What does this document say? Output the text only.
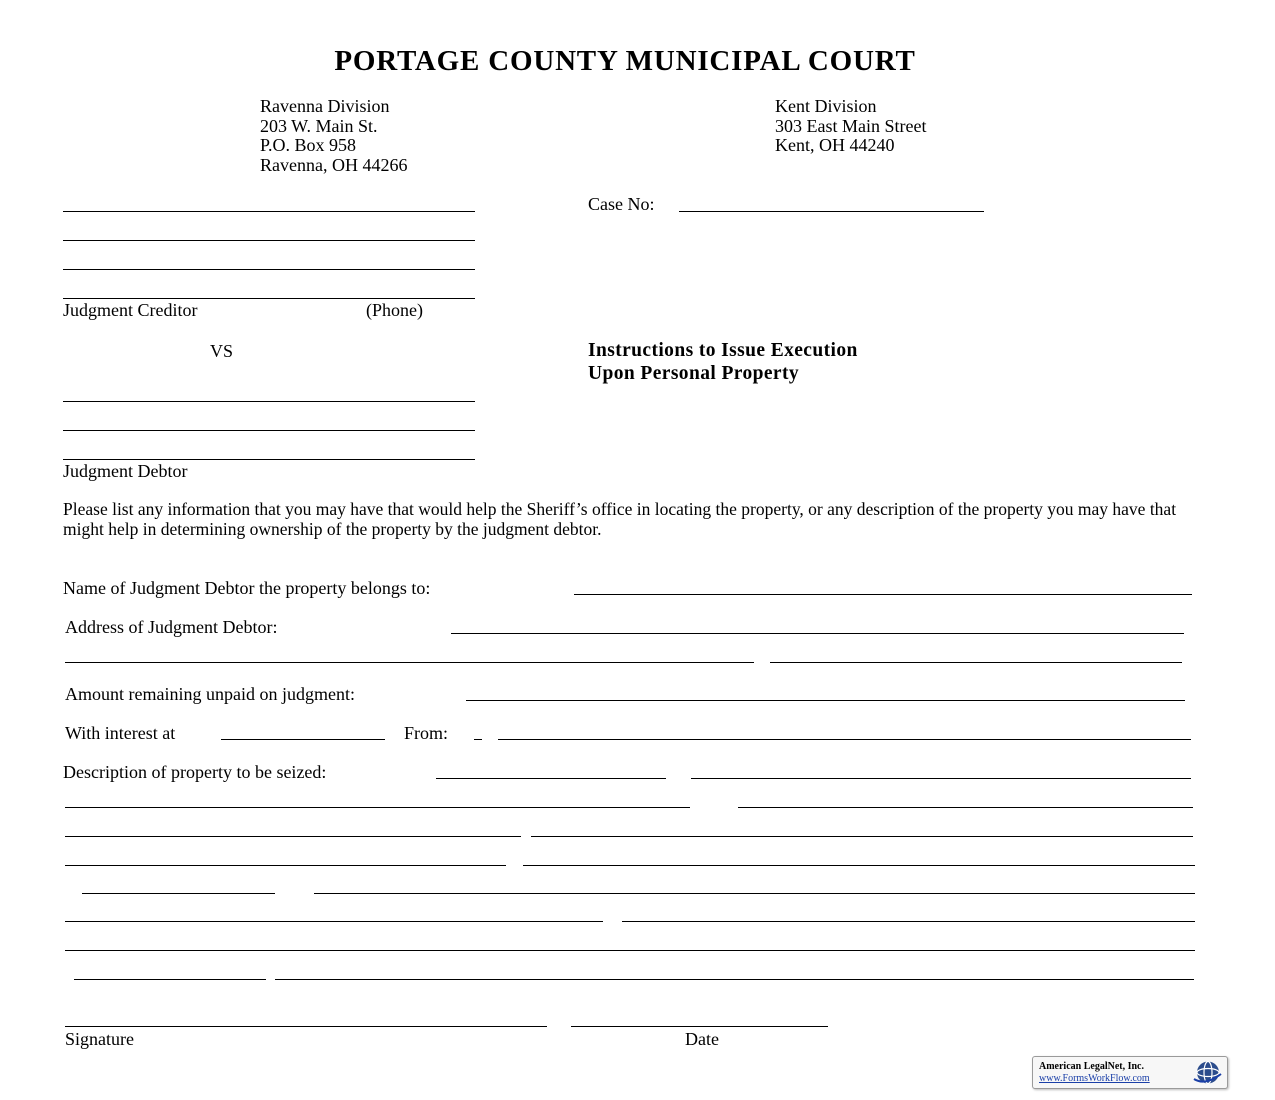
PORTAGE COUNTY MUNICIPAL COURT
Ravenna Division
203 W. Main St.
P.O. Box 958
Ravenna, OH 44266
Kent Division
303 East Main Street
Kent, OH 44240
Case No:
Judgment Creditor	(Phone)
VS	Instructions to Issue Execution
Upon Personal Property
Judgment Debtor
Please list any information that you may have that would help the Sheriff’s office in locating the property, or any description of the property you may have that might help in determining ownership of the property by the judgment debtor.
Name of Judgment Debtor the property belongs to:
Address of Judgment Debtor:
Amount remaining unpaid on judgment:
With interest at	From:
Description of property to be seized:
Signature	Date
American LegalNet, Inc.
www.FormsWorkFlow.com
